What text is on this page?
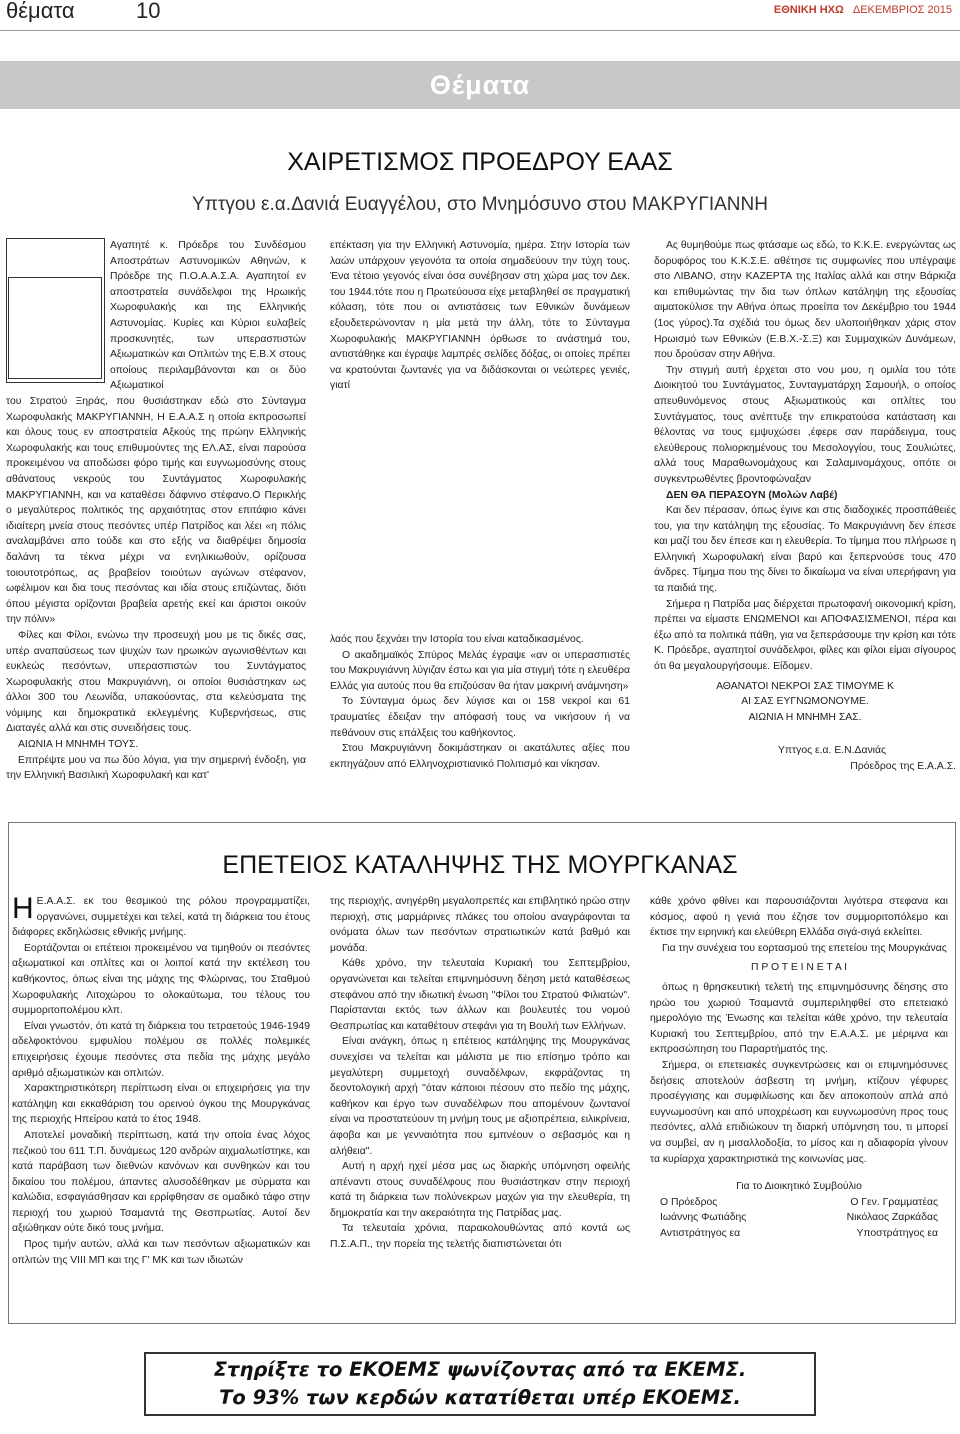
θέματα	10	ΕΘΝΙΚΗ ΗΧΩ ΔΕΚΕΜΒΡΙΟΣ 2015
Θέματα
ΧΑΙΡΕΤΙΣΜΟΣ ΠΡΟΕΔΡΟΥ ΕΑΑΣ
Υπτγου ε.α.Δανιά Ευαγγέλου, στο Μνημόσυνο στου ΜΑΚΡΥΓΙΑΝΝΗ

Αγαπητέ κ. Πρόεδρε του Συνδέσμου Αποστράτων Αστυνομικών Αθηνών, κ Πρόεδρε της Π.Ο.Α.Α.Σ.Α. Αγαπητοί εν αποστρατεία συνάδελφοι της Ηρωικής Χωροφυλακής και της Ελληνικής Αστυνομίας. Κυρίες και Κύριοι ευλαβείς προσκυνητές, των υπερασπιστών Αξιωματικών και Οπλιτών της Ε.Β.Χ στους οποίους περιλαμβάνονται και οι δύο Αξιωματικοί

του Στρατού Ξηράς, που θυσιάστηκαν εδώ στο Σύνταγμα Χωροφυλακής ΜΑΚΡΥΓΙΑΝΝΗ, Η Ε.Α.Α.Σ η οποία εκπροσωπεί και όλους τους εν αποστρατεία Αξκούς της πρώην Ελληνικής Χωροφυλακής και τους επιθυμούντες της ΕΛ.ΑΣ, είναι παρούσα προκειμένου να αποδώσει φόρο τιμής και ευγνωμοσύνης στους αθάνατους νεκρούς του Συντάγματος Χωροφυλακής ΜΑΚΡΥΓΙΑΝΝΗ, και να καταθέσει δάφνινο στέφανο.Ο Περικλής ο μεγαλύτερος πολιτικός της αρχαιότητας στον επιτάφιο κάνει ιδιαίτερη μνεία στους πεσόντες υπέρ Πατρίδος και λέει «η πόλις αναλαμβάνει απο τούδε και στο εξής να διαθρέψει δημοσία δαλάνη τα τέκνα μέχρι να ενηλικιωθούν, ορίζουσα τοιουτοτρόπως, ας βραβείον τοιούτων αγώνων στέφανον, ωφέλιμον και δια τους πεσόντας και ιδία στους επιζώντας, διότι όπου μέγιστα ορίζονται βραβεία αρετής εκεί και άριστοι οικούν την πόλιν»

Φίλες και Φίλοι, ενώνω την προσευχή μου με τις δικές σας, υπέρ αναπαύσεως των ψυχών των ηρωικών αγωνισθέντων και ευκλεώς πεσόντων, υπερασπιστών του Συντάγματος Χωροφυλακής στου Μακρυγιάννη, οι οποίοι θυσιάστηκαν ως άλλοι 300 του Λεωνίδα, υπακούοντας, στα κελεύσματα της νόμιμης και δημοκρατικά εκλεγμένης Κυβερνήσεως, στις Διαταγές αλλά και στις συνειδήσεις τους.

ΑΙΩΝΙΑ Η ΜΝΗΜΗ ΤΟΥΣ.

Επιτρέψτε μου να πω δύο λόγια, για την σημερινή ένδοξη, για την Ελληνική Βασιλική Χωροφυλακή και κατ'

επέκταση για την Ελληνική Αστυνομία, ημέρα. Στην Ιστορία των λαών υπάρχουν γεγονότα τα οποία σημαδεύουν την τύχη τους. Ένα τέτοιο γεγονός είναι όσα συνέβησαν στη χώρα μας τον Δεκ. του 1944.τότε που η Πρωτεύουσα είχε μεταβληθεί σε πραγματική κόλαση, τότε που οι αντιστάσεις των Εθνικών δυνάμεων εξουδετερώνονταν η μία μετά την άλλη, τότε το Σύνταγμα Χωροφυλακής ΜΑΚΡΥΓΙΑΝΝΗ όρθωσε το ανάστημά του, αντιστάθηκε και έγραψε λαμπρές σελίδες δόξας, οι οποίες πρέπει να κρατούνται ζωντανές για να διδάσκονται οι νεώτερες γενιές, γιατί

λαός που ξεχνάει την Ιστορία του είναι καταδικασμένος.

Ο ακαδημαϊκός Σπύρος Μελάς έγραψε «αν οι υπερασπιστές του Μακρυγιάννη λύγιζαν έστω και για μία στιγμή τότε η ελευθέρα Ελλάς για αυτούς που θα επιζούσαν θα ήταν μακρινή ανάμνηση»

Το Σύνταγμα όμως δεν λύγισε και οι 158 νεκροί και 61 τραυματίες έδειξαν την απόφασή τους να νικήσουν ή να πεθάνουν στις επάλξεις του καθήκοντος.

Στου Μακρυγιάννη δοκιμάστηκαν οι ακατάλυτες αξίες που εκπηγάζουν από Ελληνοχριστιανικό Πολιτισμό και νίκησαν.

Ας θυμηθούμε πως φτάσαμε ως εδώ, το Κ.Κ.Ε. ενεργώντας ως δορυφόρος του Κ.Κ.Σ.Ε. αθέτησε τις συμφωνίες που υπέγραψε στο ΛΙΒΑΝΟ, στην ΚΑΖΕΡΤΑ της Ιταλίας αλλά και στην Βάρκιζα και επιθυμώντας την δια των όπλων κατάληψη της εξουσίας αιματοκύλισε την Αθήνα όπως προείπα τον Δεκέμβριο του 1944 (1ος γύρος).Τα σχέδιά του όμως δεν υλοποιήθηκαν χάρις στον Ηρωισμό των Εθνικών (Ε.Β.Χ.-Σ.Ξ) και Συμμαχικών Δυνάμεων, που δρούσαν στην Αθήνα.

Την στιγμή αυτή έρχεται στο νου μου, η ομιλία του τότε Διοικητού του Συντάγματος, Συνταγματάρχη Σαμουήλ, ο οποίος απευθυνόμενος στους Αξιωματικούς και οπλίτες του Συντάγματος, τους ανέπτυξε την επικρατούσα κατάσταση και θέλοντας να τους εμψυχώσει ,έφερε σαν παράδειγμα, τους ελεύθερους πολιορκημένους του Μεσολογγίου, τους Σουλιώτες, αλλά τους Μαραθωνομάχους και Σαλαμινομάχους, οπότε οι συγκεντρωθέντες βροντοφώναξαν

ΔΕΝ ΘΑ ΠΕΡΑΣΟΥΝ (Μολών Λαβέ)

Και δεν πέρασαν, όπως έγινε και στις διαδοχικές προσπάθειές του, για την κατάληψη της εξουσίας. Το Μακρυγιάννη δεν έπεσε και μαζί του δεν έπεσε και η ελευθερία. Το τίμημα που πλήρωσε η Ελληνική Χωροφυλακή είναι βαρύ και ξεπερνούσε τους 470 άνδρες. Τίμημα που της δίνει το δικαίωμα να είναι υπερήφανη για τα παιδιά της.

Σήμερα η Πατρίδα μας διέρχεται πρωτοφανή οικονομική κρίση, πρέπει να είμαστε ΕΝΩΜΕΝΟΙ και ΑΠΟΦΑΣΙΣΜΕΝΟΙ, πέρα και έξω από τα πολιτικά πάθη, για να ξεπεράσουμε την κρίση και τότε Κ. Πρόεδρε, αγαπητοί συνάδελφοι, φίλες και φίλοι είμαι σίγουρος ότι θα μεγαλουργήσουμε. Είδομεν.

ΑΘΑΝΑΤΟΙ ΝΕΚΡΟΙ ΣΑΣ ΤΙΜΟΥΜΕ Κ

ΑΙ ΣΑΣ ΕΥΓΝΩΜΟΝΟΥΜΕ.

ΑΙΩΝΙΑ Η ΜΝΗΜΗ ΣΑΣ.

Υπτγος ε.α. Ε.Ν.Δανιάς

Πρόεδρος της Ε.Α.Α.Σ.

ΕΠΕΤΕΙΟΣ ΚΑΤΑΛΗΨΗΣ ΤΗΣ ΜΟΥΡΓΚΑΝΑΣ

Η Ε.Α.Α.Σ. εκ του θεσμικού της ρόλου προγραμματίζει, οργανώνει, συμμετέχει και τελεί, κατά τη διάρκεια του έτους διάφορες εκδηλώσεις εθνικής μνήμης.

Εορτάζονται οι επέτειοι προκειμένου να τιμηθούν οι πεσόντες αξιωματικοί και οπλίτες και οι λοιποί κατά την εκτέλεση του καθήκοντος, όπως είναι της μάχης της Φλώρινας, του Σταθμού Χωροφυλακής Λιτοχώρου το ολοκαύτωμα, του τέλους του συμμοριτοπολέμου κλπ.

Είναι γνωστόν, ότι κατά τη διάρκεια του τετραετούς 1946-1949 αδελφοκτόνου εμφυλίου πολέμου σε πολλές πολεμικές επιχειρήσεις έχουμε πεσόντες στα πεδία της μάχης μεγάλο αριθμό αξιωματικών και οπλιτών.

Χαρακτηριστικότερη περίπτωση είναι οι επιχειρήσεις για την κατάληψη και εκκαθάριση του ορεινού όγκου της Μουργκάνας της περιοχής Ηπείρου κατά το έτος 1948.

Αποτελεί μοναδική περίπτωση, κατά την οποία ένας λόχος πεζικού του 611 Τ.Π. δυνάμεως 120 ανδρών αιχμαλωτίστηκε, και κατά παράβαση των διεθνών κανόνων και συνθηκών και του δικαίου του πολέμου, άπαντες αλυσοδέθηκαν με σύρματα και καλώδια, εσφαγιάσθησαν και ερρίφθησαν σε ομαδικό τάφο στην περιοχή του χωριού Τσαμαντά της Θεσπρωτίας. Αυτοί δεν αξιώθηκαν ούτε δικό τους μνήμα.

Προς τιμήν αυτών, αλλά και των πεσόντων αξιωματικών και οπλιτών της VIII ΜΠ και της Γ' ΜΚ και των ιδιωτών

της περιοχής, ανηγέρθη μεγαλοπρεπές και επιβλητικό ηρώο στην περιοχή, στις μαρμάρινες πλάκες του οποίου αναγράφονται τα ονόματα όλων των πεσόντων στρατιωτικών κατά βαθμό και μονάδα.

Κάθε χρόνο, την τελευταία Κυριακή του Σεπτεμβρίου, οργανώνεται και τελείται επιμνημόσυνη δέηση μετά καταθέσεως στεφάνου από την ιδιωτική ένωση "Φίλοι του Στρατού Φιλιατών". Παρίστανται εκτός των άλλων και βουλευτές του νομού Θεσπρωτίας και καταθέτουν στεφάνι για τη Βουλή των Ελλήνων.

Είναι ανάγκη, όπως η επέτειος κατάληψης της Μουργκάνας συνεχίσει να τελείται και μάλιστα με πιο επίσημο τρόπο και μεγαλύτερη συμμετοχή συναδέλφων, εκφράζοντας τη δεοντολογική αρχή "όταν κάποιοι πέσουν στο πεδίο της μάχης, καθήκον και έργο των συναδέλφων που απομένουν ζωντανοί είναι να προστατεύουν τη μνήμη τους με αξιοπρέπεια, ειλικρίνεια, άφοβα και με γενναιότητα που εμπνέουν ο σεβασμός και η αλήθεια".

Αυτή η αρχή ηχεί μέσα μας ως διαρκής υπόμνηση οφειλής απέναντι στους συναδέλφους που θυσιάστηκαν στην περιοχή κατά τη διάρκεια των πολύνεκρων μαχών για την ελευθερία, τη δημοκρατία και την ακεραιότητα της Πατρίδας μας.

Τα τελευταία χρόνια, παρακολουθώντας από κοντά ως Π.Σ.Α.Π., την πορεία της τελετής διαπιστώνεται ότι

κάθε χρόνο φθίνει και παρουσιάζονται λιγότερα στεφανα και κόσμος, αφού η γενιά που έζησε τον συμμοριτοπόλεμο και έκτισε την ειρηνική και ελεύθερη Ελλάδα σιγά-σιγά εκλείπει.

Για την συνέχεια του εορτασμού της επετείου της Μουργκάνας

Π Ρ Ο Τ Ε Ι Ν Ε Τ Α Ι

όπως η θρησκευτική τελετή της επιμνημόσυνης δέησης στο ηρώο του χωριού Τσαμαντά συμπεριληφθεί στο επετειακό ημερολόγιο της Ένωσης και τελείται κάθε χρόνο, την τελευταία Κυριακή του Σεπτεμβρίου, από την Ε.Α.Α.Σ. με μέριμνα και εκπροσώπηση του Παραρτήματός της.

Σήμερα, οι επετειακές συγκεντρώσεις και οι επιμνημόσυνες δεήσεις αποτελούν άσβεστη τη μνήμη, κτίζουν γέφυρες προσέγγισης και συμφιλίωσης και δεν αποκοπούν απλά από ευγνωμοσύνη και από υποχρέωση και ευγνωμοσύνη προς τους πεσόντες, αλλά επιδιώκουν τη διαρκή υπόμνηση του, τι μπορεί να συμβεί, αν η μισαλλοδοξία, το μίσος και η αδιαφορία γίνουν τα κυρίαρχα χαρακτηριστικά της κοινωνίας μας.

Για το Διοικητικό Συμβούλιο
Ο Πρόεδρος	Ο Γεν. Γραμματέας
Ιωάννης Φωτιάδης	Νικόλαος Ζαρκάδας
Αντιστράτηγος εα	Υποστράτηγος εα
Στηρίξτε το ΕΚΟΕΜΣ ψωνίζοντας από τα ΕΚΕΜΣ.
Το 93% των κερδών κατατίθεται υπέρ ΕΚΟΕΜΣ.
